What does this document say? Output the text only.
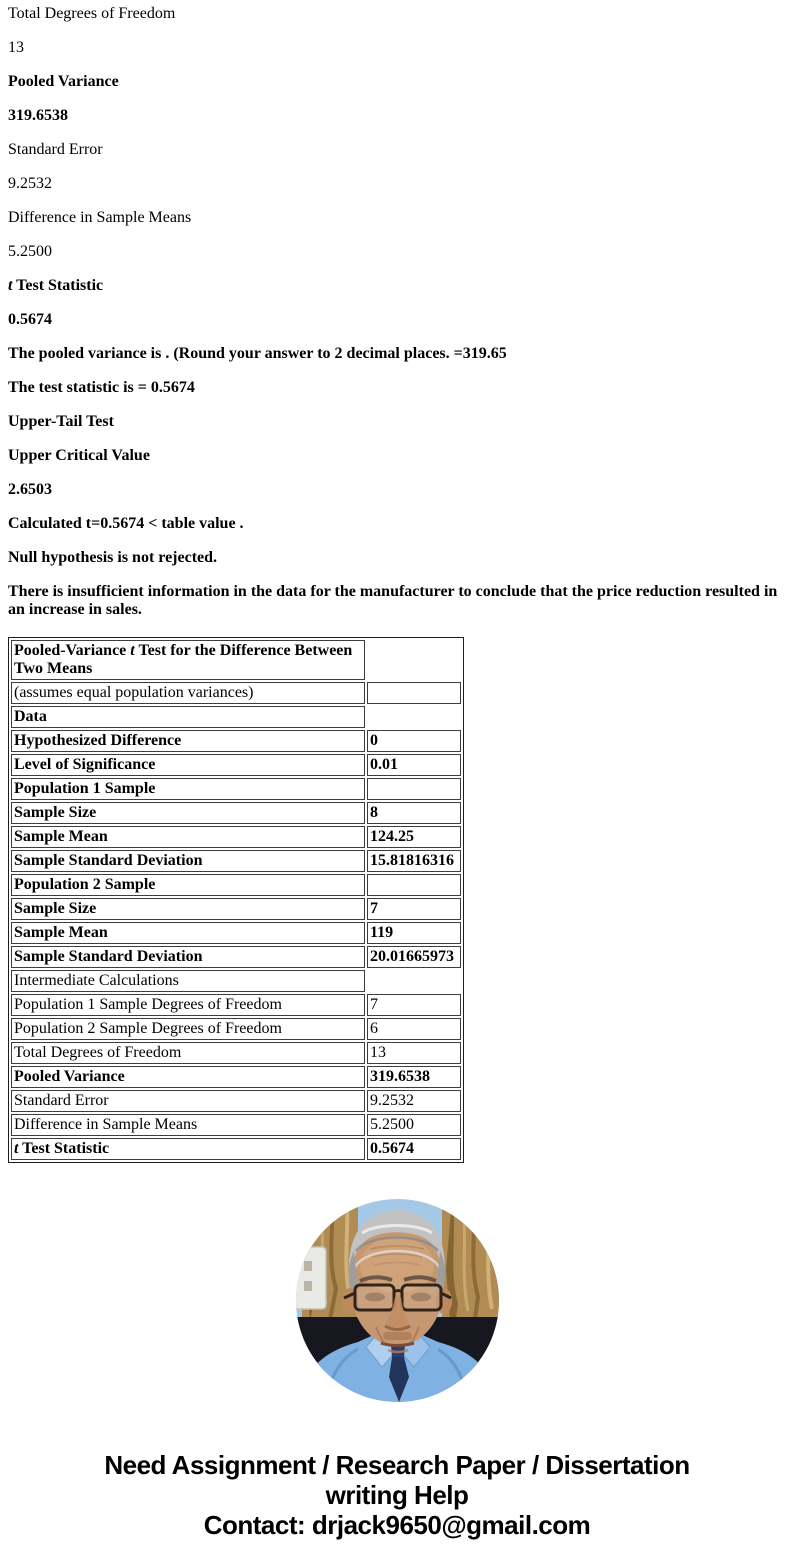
Total Degrees of Freedom

13

Pooled Variance

319.6538

Standard Error

9.2532

Difference in Sample Means

5.2500

t Test Statistic

0.5674

The pooled variance is . (Round your answer to 2 decimal places. =319.65

The test statistic is = 0.5674

Upper-Tail Test

Upper Critical Value

2.6503

Calculated t=0.5674 < table value .

Null hypothesis is not rejected.

There is insufficient information in the data for the manufacturer to conclude that the price reduction resulted in an increase in sales.

Pooled-Variance t Test for the Difference Between Two Means	
(assumes equal population variances)	
Data	
Hypothesized Difference	0
Level of Significance	0.01
Population 1 Sample	
Sample Size	8
Sample Mean	124.25
Sample Standard Deviation	15.81816316
Population 2 Sample	
Sample Size	7
Sample Mean	119
Sample Standard Deviation	20.01665973
Intermediate Calculations	
Population 1 Sample Degrees of Freedom	7
Population 2 Sample Degrees of Freedom	6
Total Degrees of Freedom	13
Pooled Variance	319.6538
Standard Error	9.2532
Difference in Sample Means	5.2500
t Test Statistic	0.5674
Need Assignment / Research Paper / Dissertation
writing Help
Contact: drjack9650@gmail.com
